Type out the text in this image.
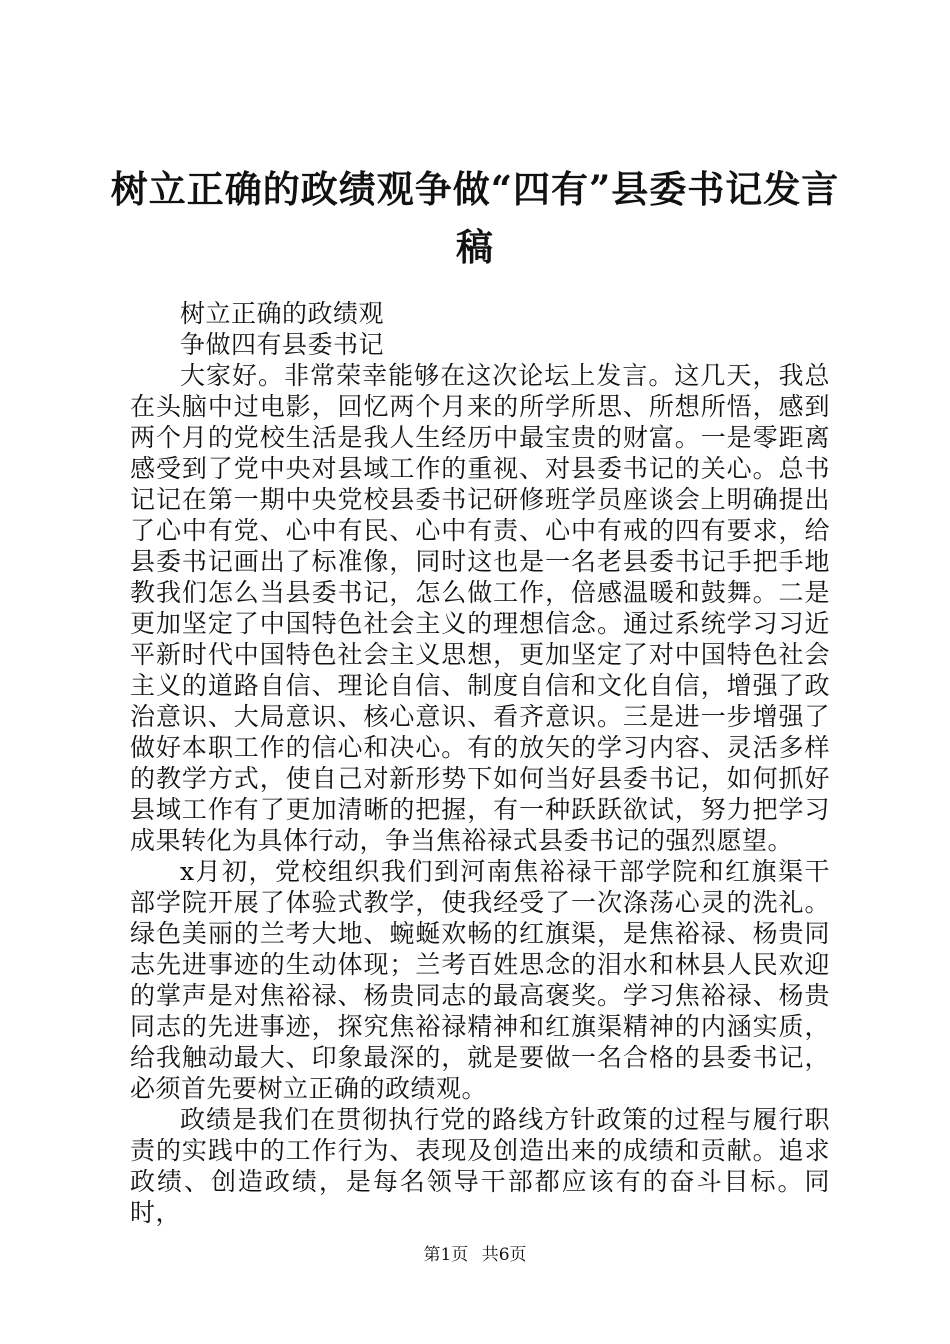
树立正确的政绩观争做“四有”县委书记发言稿

树立正确的政绩观

争做四有县委书记

大家好。非常荣幸能够在这次论坛上发言。这几天，我总在头脑中过电影，回忆两个月来的所学所思、所想所悟，感到两个月的党校生活是我人生经历中最宝贵的财富。一是零距离感受到了党中央对县域工作的重视、对县委书记的关心。总书记记在第一期中央党校县委书记研修班学员座谈会上明确提出了心中有党、心中有民、心中有责、心中有戒的四有要求，给县委书记画出了标准像，同时这也是一名老县委书记手把手地教我们怎么当县委书记，怎么做工作，倍感温暖和鼓舞。二是更加坚定了中国特色社会主义的理想信念。通过系统学习习近平新时代中国特色社会主义思想，更加坚定了对中国特色社会主义的道路自信、理论自信、制度自信和文化自信，增强了政治意识、大局意识、核心意识、看齐意识。三是进一步增强了做好本职工作的信心和决心。有的放矢的学习内容、灵活多样的教学方式，使自己对新形势下如何当好县委书记，如何抓好县域工作有了更加清晰的把握，有一种跃跃欲试，努力把学习成果转化为具体行动，争当焦裕禄式县委书记的强烈愿望。

x月初，党校组织我们到河南焦裕禄干部学院和红旗渠干部学院开展了体验式教学，使我经受了一次涤荡心灵的洗礼。绿色美丽的兰考大地、蜿蜒欢畅的红旗渠，是焦裕禄、杨贵同志先进事迹的生动体现；兰考百姓思念的泪水和林县人民欢迎的掌声是对焦裕禄、杨贵同志的最高褒奖。学习焦裕禄、杨贵同志的先进事迹，探究焦裕禄精神和红旗渠精神的内涵实质，给我触动最大、印象最深的，就是要做一名合格的县委书记，必须首先要树立正确的政绩观。

政绩是我们在贯彻执行党的路线方针政策的过程与履行职责的实践中的工作行为、表现及创造出来的成绩和贡献。追求政绩、创造政绩，是每名领导干部都应该有的奋斗目标。同时，

第1页 共6页
